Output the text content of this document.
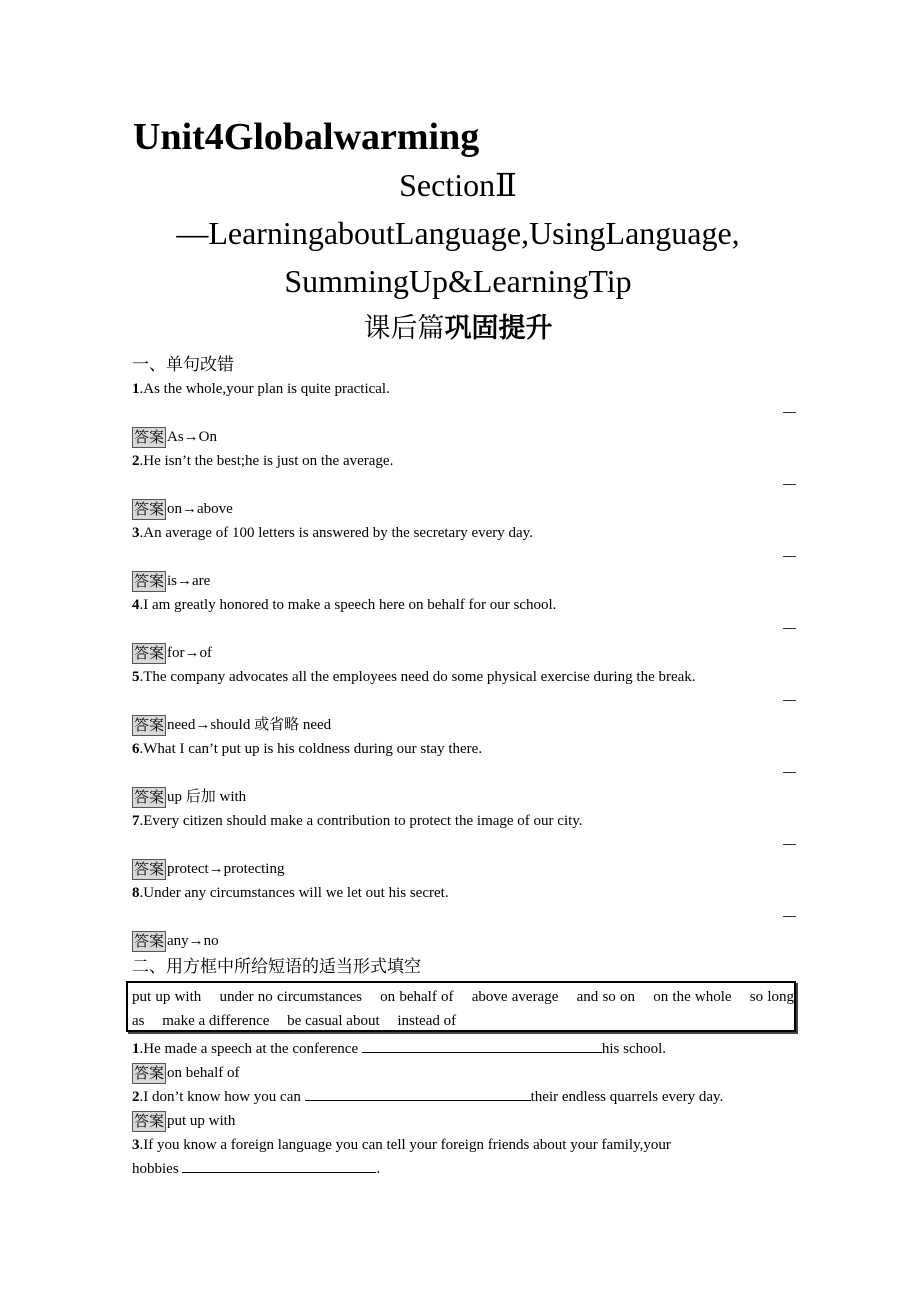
Unit4Globalwarming
SectionⅡ
—LearningaboutLanguage,UsingLanguage,
SummingUp&LearningTip
课后篇巩固提升
一、单句改错
1.As the whole,your plan is quite practical.
答案 As→On
2.He isn’t the best;he is just on the average.
答案 on→above
3.An average of 100 letters is answered by the secretary every day.
答案 is→are
4.I am greatly honored to make a speech here on behalf for our school.
答案 for→of
5.The company advocates all the employees need do some physical exercise during the break.
答案 need→should 或省略 need
6.What I can’t put up is his coldness during our stay there.
答案 up 后加 with
7.Every citizen should make a contribution to protect the image of our city.
答案 protect→protecting
8.Under any circumstances will we let out his secret.
答案 any→no
二、用方框中所给短语的适当形式填空
put up with under no circumstances on behalf of above average and so on on the whole so long as make a difference be casual about instead of
1.He made a speech at the conference	his school.
答案 on behalf of
2.I don’t know how you can	their endless quarrels every day.
答案 put up with
3.If you know a foreign language you can tell your foreign friends about your family,your
hobbies	.
